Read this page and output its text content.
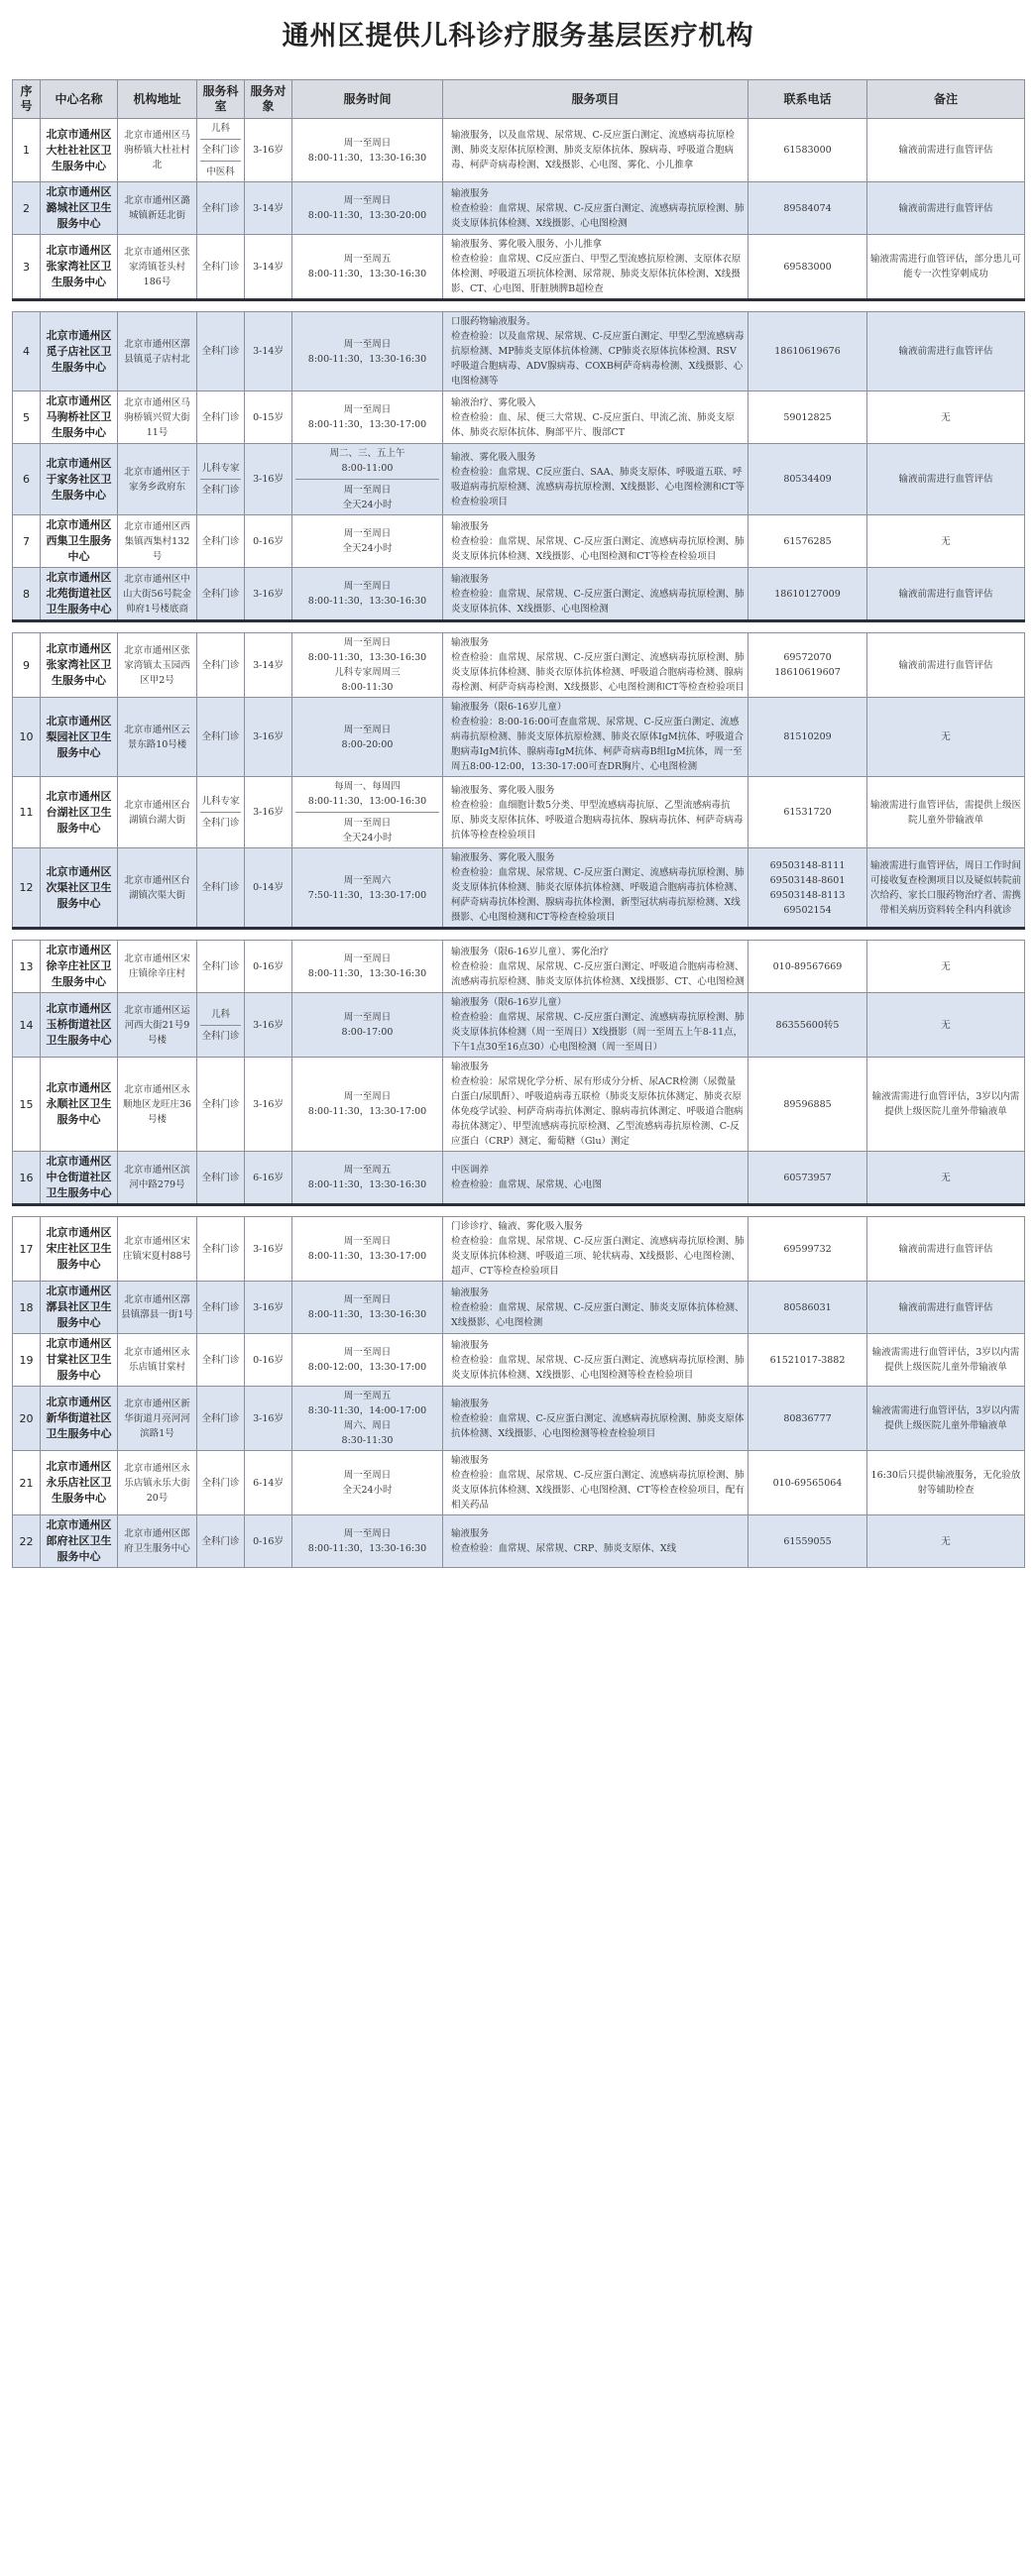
通州区提供儿科诊疗服务基层医疗机构
序号	中心名称	机构地址	服务科室	服务对象	服务时间	服务项目	联系电话	备注
1	北京市通州区大杜社社区卫生服务中心	北京市通州区马驹桥镇大杜社村北	儿科
全科门诊
中医科	3-16岁	周一至周日
8:00-11:30，13:30-16:30	输液服务，以及血常规、尿常规、C-反应蛋白测定、流感病毒抗原检测、肺炎支原体抗原检测、肺炎支原体抗体、腺病毒、呼吸道合胞病毒、柯萨奇病毒检测、X线摄影、心电图、雾化、小儿推拿	61583000	输液前需进行血管评估
2	北京市通州区潞城社区卫生服务中心	北京市通州区潞城镇新廷北街	全科门诊	3-14岁	周一至周日
8:00-11:30，13:30-20:00	输液服务
检查检验：血常规、尿常规、C-反应蛋白测定、流感病毒抗原检测、肺炎支原体抗体检测、X线摄影、心电图检测	89584074	输液前需进行血管评估
3	北京市通州区张家湾社区卫生服务中心	北京市通州区张家湾镇苍头村186号	全科门诊	3-14岁	周一至周五
8:00-11:30，13:30-16:30	输液服务、雾化吸入服务、小儿推拿
检查检验：血常规、C反应蛋白、甲型乙型流感抗原检测、支原体衣原体检测、呼吸道五项抗体检测、尿常规、肺炎支原体抗体检测、X线摄影、CT、心电图、肝脏胰脾B超检查	69583000	输液需需进行血管评估，部分患儿可能专一次性穿刺成功

4	北京市通州区觅子店社区卫生服务中心	北京市通州区漷县镇觅子店村北	全科门诊	3-14岁	周一至周日
8:00-11:30，13:30-16:30	口服药物输液服务。
检查检验：以及血常规、尿常规、C-反应蛋白测定、甲型乙型流感病毒抗原检测、MP肺炎支原体抗体检测、CP肺炎衣原体抗体检测、RSV呼吸道合胞病毒、ADV腺病毒、COXB柯萨奇病毒检测、X线摄影、心电图检测等	18610619676	输液前需进行血管评估
5	北京市通州区马驹桥社区卫生服务中心	北京市通州区马驹桥镇兴贸大街11号	全科门诊	0-15岁	周一至周日
8:00-11:30，13:30-17:00	输液治疗、雾化吸入
检查检验：血、尿、便三大常规、C-反应蛋白、甲流乙流、肺炎支原体、肺炎衣原体抗体、胸部平片、腹部CT	59012825	无
6	北京市通州区于家务社区卫生服务中心	北京市通州区于家务乡政府东	儿科专家
全科门诊	3-16岁	周二、三、五上午
8:00-11:00
周一至周日
全天24小时	输液、雾化吸入服务
检查检验：血常规、C反应蛋白、SAA、肺炎支原体、呼吸道五联、呼吸道病毒抗原检测、流感病毒抗原检测、X线摄影、心电图检测和CT等检查检验项目	80534409	输液前需进行血管评估
7	北京市通州区西集卫生服务中心	北京市通州区西集镇西集村132号	全科门诊	0-16岁	周一至周日
全天24小时	输液服务
检查检验：血常规、尿常规、C-反应蛋白测定、流感病毒抗原检测、肺炎支原体抗体检测、X线摄影、心电图检测和CT等检查检验项目	61576285	无
8	北京市通州区北苑街道社区卫生服务中心	北京市通州区中山大街56号院金帅府1号楼底商	全科门诊	3-16岁	周一至周日
8:00-11:30，13:30-16:30	输液服务
检查检验：血常规、尿常规、C-反应蛋白测定、流感病毒抗原检测、肺炎支原体抗体、X线摄影、心电图检测	18610127009	输液前需进行血管评估

9	北京市通州区张家湾社区卫生服务中心	北京市通州区张家湾镇太玉园西区甲2号	全科门诊	3-14岁	周一至周日
8:00-11:30，13:30-16:30
儿科专家周周三
8:00-11:30	输液服务
检查检验：血常规、尿常规、C-反应蛋白测定、流感病毒抗原检测、肺炎支原体抗体检测、肺炎衣原体抗体检测、呼吸道合胞病毒检测、腺病毒检测、柯萨奇病毒检测、X线摄影、心电图检测和CT等检查检验项目	69572070
18610619607	输液前需进行血管评估
10	北京市通州区梨园社区卫生服务中心	北京市通州区云景东路10号楼	全科门诊	3-16岁	周一至周日
8:00-20:00	输液服务（限6-16岁儿童）
检查检验：8:00-16:00可查血常规、尿常规、C-反应蛋白测定、流感病毒抗原检测、肺炎支原体抗原检测、肺炎衣原体IgM抗体、呼吸道合胞病毒IgM抗体、腺病毒IgM抗体、柯萨奇病毒B组IgM抗体，周一至周五8:00-12:00，13:30-17:00可查DR胸片、心电图检测	81510209	无
11	北京市通州区台湖社区卫生服务中心	北京市通州区台湖镇台湖大街	儿科专家
全科门诊	3-16岁	每周一、每周四
8:00-11:30，13:00-16:30
周一至周日
全天24小时	输液服务、雾化吸入服务
检查检验：血细胞计数5分类、甲型流感病毒抗原、乙型流感病毒抗原、肺炎支原体抗体、呼吸道合胞病毒抗体、腺病毒抗体、柯萨奇病毒抗体等检查检验项目	61531720	输液需进行血管评估，需提供上级医院儿童外带输液单
12	北京市通州区次渠社区卫生服务中心	北京市通州区台湖镇次渠大街	全科门诊	0-14岁	周一至周六
7:50-11:30，13:30-17:00	输液服务、雾化吸入服务
检查检验：血常规、尿常规、C-反应蛋白测定、流感病毒抗原检测、肺炎支原体抗体检测、肺炎衣原体抗体检测、呼吸道合胞病毒抗体检测、柯萨奇病毒抗体检测、腺病毒抗体检测、新型冠状病毒抗原检测、X线摄影、心电图检测和CT等检查检验项目	69503148-8111
69503148-8601
69503148-8113
69502154	输液需进行血管评估，周日工作时间可接收复查检测项目以及疑似转院前次给药、家长口服药物治疗者、需携带相关病历资料转全科内科就诊

13	北京市通州区徐辛庄社区卫生服务中心	北京市通州区宋庄镇徐辛庄村	全科门诊	0-16岁	周一至周日
8:00-11:30，13:30-16:30	输液服务（限6-16岁儿童）、雾化治疗
检查检验：血常规、尿常规、C-反应蛋白测定、呼吸道合胞病毒检测、流感病毒抗原检测、肺炎支原体抗体检测、X线摄影、CT、心电图检测	010-89567669	无
14	北京市通州区玉桥街道社区卫生服务中心	北京市通州区运河西大街21号9号楼	儿科
全科门诊	3-16岁	周一至周日
8:00-17:00	输液服务（限6-16岁儿童）
检查检验：血常规、尿常规、C-反应蛋白测定、流感病毒抗原检测、肺炎支原体抗体检测（周一至周日）X线摄影（周一至周五上午8-11点，下午1点30至16点30）心电图检测（周一至周日）	86355600转5	无
15	北京市通州区永顺社区卫生服务中心	北京市通州区永顺地区龙旺庄36号楼	全科门诊	3-16岁	周一至周日
8:00-11:30，13:30-17:00	输液服务
检查检验：尿常规化学分析、尿有形成分分析、尿ACR检测（尿微量白蛋白/尿肌酐）、呼吸道病毒五联检（肺炎支原体抗体测定、肺炎衣原体免疫学试验、柯萨奇病毒抗体测定、腺病毒抗体测定、呼吸道合胞病毒抗体测定）、甲型流感病毒抗原检测、乙型流感病毒抗原检测、C-反应蛋白（CRP）测定、葡萄糖（Glu）测定	89596885	输液需需进行血管评估，3岁以内需提供上级医院儿童外带输液单
16	北京市通州区中仓街道社区卫生服务中心	北京市通州区滨河中路279号	全科门诊	6-16岁	周一至周五
8:00-11:30，13:30-16:30	中医调养
检查检验：血常规、尿常规、心电图	60573957	无

17	北京市通州区宋庄社区卫生服务中心	北京市通州区宋庄镇宋夏村88号	全科门诊	3-16岁	周一至周日
8:00-11:30，13:30-17:00	门诊诊疗、输液、雾化吸入服务
检查检验：血常规、尿常规、C-反应蛋白测定、流感病毒抗原检测、肺炎支原体抗体检测、呼吸道三项、轮状病毒、X线摄影、心电图检测、超声、CT等检查检验项目	69599732	输液前需进行血管评估
18	北京市通州区漷县社区卫生服务中心	北京市通州区漷县镇漷县一街1号	全科门诊	3-16岁	周一至周日
8:00-11:30，13:30-16:30	输液服务
检查检验：血常规、尿常规、C-反应蛋白测定、肺炎支原体抗体检测、X线摄影、心电图检测	80586031	输液前需进行血管评估
19	北京市通州区甘棠社区卫生服务中心	北京市通州区永乐店镇甘棠村	全科门诊	0-16岁	周一至周日
8:00-12:00，13:30-17:00	输液服务
检查检验：血常规、尿常规、C-反应蛋白测定、流感病毒抗原检测、肺炎支原体抗体检测、X线摄影、心电图检测等检查检验项目	61521017-3882	输液需需进行血管评估，3岁以内需提供上级医院儿童外带输液单
20	北京市通州区新华街道社区卫生服务中心	北京市通州区新华街道月亮河河滨路1号	全科门诊	3-16岁	周一至周五
8:30-11:30，14:00-17:00
周六、周日
8:30-11:30	输液服务
检查检验：血常规、C-反应蛋白测定、流感病毒抗原检测、肺炎支原体抗体检测、X线摄影、心电图检测等检查检验项目	80836777	输液需需进行血管评估，3岁以内需提供上级医院儿童外带输液单
21	北京市通州区永乐店社区卫生服务中心	北京市通州区永乐店镇永乐大街20号	全科门诊	6-14岁	周一至周日
全天24小时	输液服务
检查检验：血常规、尿常规、C-反应蛋白测定、流感病毒抗原检测、肺炎支原体抗体检测、X线摄影、心电图检测、CT等检查检验项目，配有相关药品	010-69565064	16:30后只提供输液服务，无化验放射等辅助检查
22	北京市通州区郎府社区卫生服务中心	北京市通州区郎府卫生服务中心	全科门诊	0-16岁	周一至周日
8:00-11:30，13:30-16:30	输液服务
检查检验：血常规、尿常规、CRP、肺炎支原体、X线	61559055	无
